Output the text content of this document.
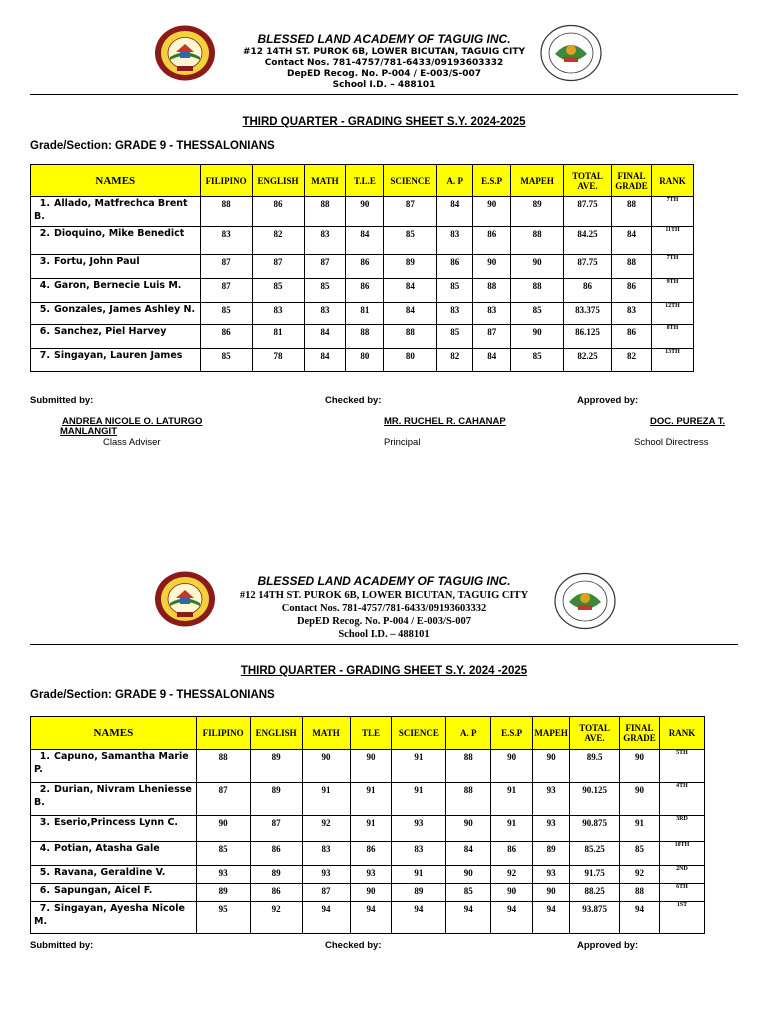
BLESSED LAND ACADEMY OF TAGUIG INC.
#12 14TH ST. PUROK 6B, LOWER BICUTAN, TAGUIG CITY
Contact Nos. 781-4757/781-6433/09193603332
DepED Recog. No. P-004 / E-003/S-007
School I.D. – 488101
THIRD QUARTER - GRADING SHEET S.Y. 2024-2025
Grade/Section: GRADE 9 - THESSALONIANS
NAMES	FILIPINO	ENGLISH	MATH	T.L.E	SCIENCE	A. P	E.S.P	MAPEH	TOTAL AVE.	FINAL GRADE	RANK
1. Allado, Matfrechca Brent B.	88	86	88	90	87	84	90	89	87.75	88	7TH
2. Dioquino, Mike Benedict	83	82	83	84	85	83	86	88	84.25	84	11TH
3. Fortu, John Paul	87	87	87	86	89	86	90	90	87.75	88	7TH
4. Garon, Bernecie Luis M.	87	85	85	86	84	85	88	88	86	86	9TH
5. Gonzales, James Ashley N.	85	83	83	81	84	83	83	85	83.375	83	12TH
6. Sanchez, Piel Harvey	86	81	84	88	88	85	87	90	86.125	86	8TH
7. Singayan, Lauren James	85	78	84	80	80	82	84	85	82.25	82	13TH
Submitted by:	Checked by:	Approved by:
ANDREA NICOLE O. LATURGO
MANLANGIT
Class Adviser
MR. RUCHEL R. CAHANAP
Principal
DOC. PUREZA T.
School Directress
BLESSED LAND ACADEMY OF TAGUIG INC.
#12 14TH ST. PUROK 6B, LOWER BICUTAN, TAGUIG CITY
Contact Nos. 781-4757/781-6433/09193603332
DepED Recog. No. P-004 / E-003/S-007
School I.D. – 488101
THIRD QUARTER - GRADING SHEET S.Y. 2024 -2025
Grade/Section: GRADE 9 - THESSALONIANS
NAMES	FILIPINO	ENGLISH	MATH	TLE	SCIENCE	A. P	E.S.P	MAPEH	TOTAL AVE.	FINAL GRADE	RANK
1. Capuno, Samantha Marie P.	88	89	90	90	91	88	90	90	89.5	90	5TH
2. Durian, Nivram Lheniesse B.	87	89	91	91	91	88	91	93	90.125	90	4TH
3. Eserio,Princess Lynn C.	90	87	92	91	93	90	91	93	90.875	91	3RD
4. Potian, Atasha Gale	85	86	83	86	83	84	86	89	85.25	85	10TH
5. Ravana, Geraldine V.	93	89	93	93	91	90	92	93	91.75	92	2ND
6. Sapungan, Aicel F.	89	86	87	90	89	85	90	90	88.25	88	6TH
7. Singayan, Ayesha Nicole M.	95	92	94	94	94	94	94	94	93.875	94	1ST
Submitted by:	Checked by:	Approved by:
